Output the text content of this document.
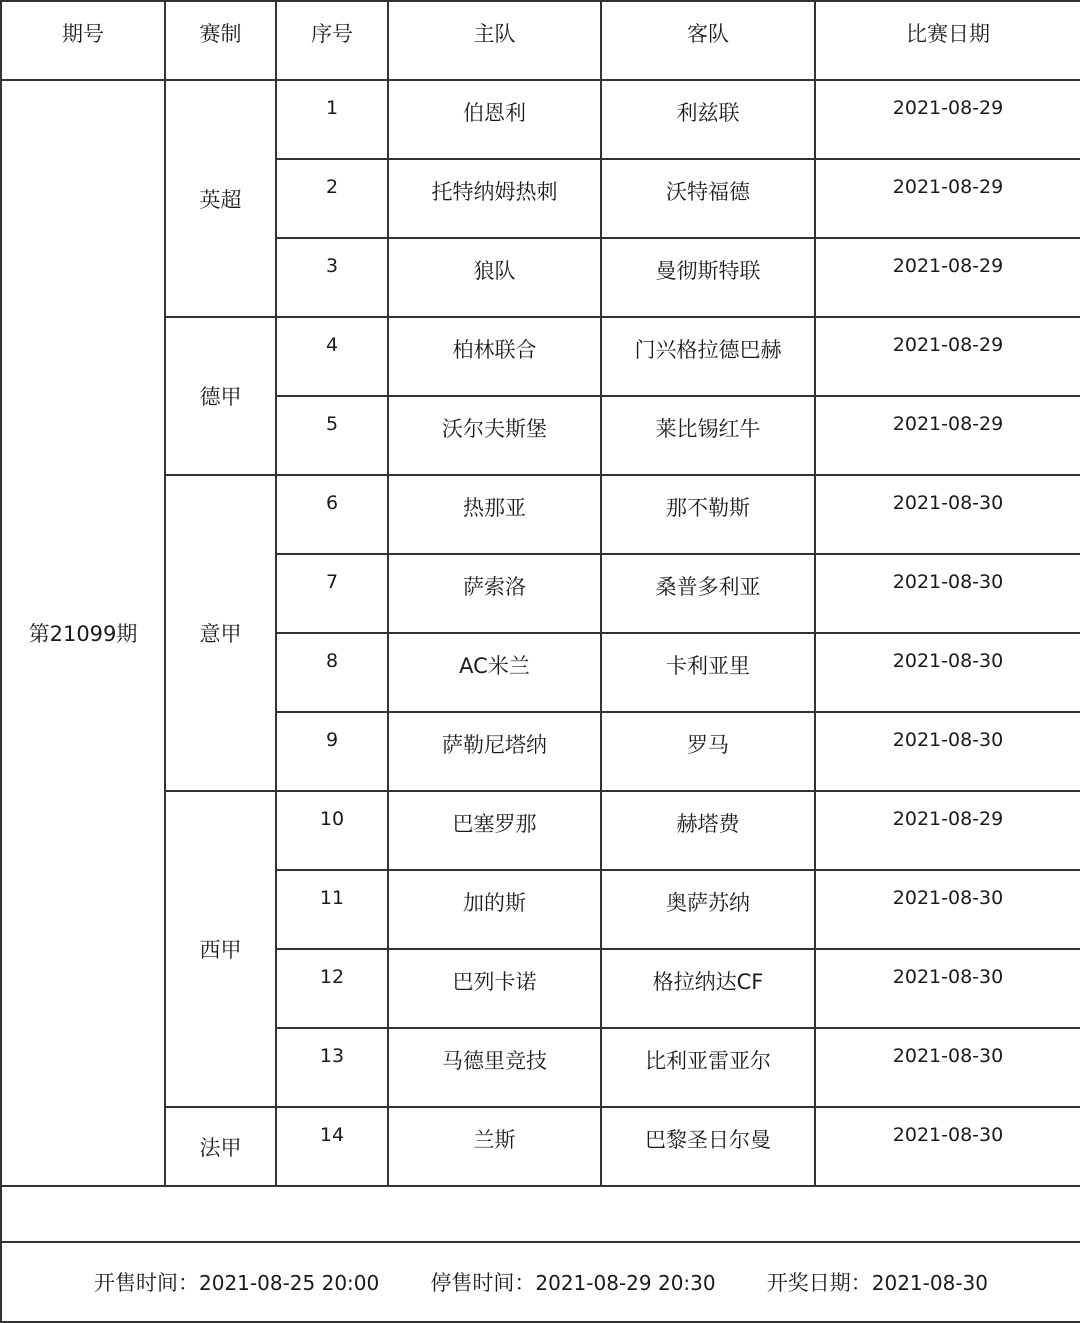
期号	赛制	序号	主队	客队	比赛日期
第21099期	英超	1	伯恩利	利兹联	2021-08-29
		2	托特纳姆热刺	沃特福德	2021-08-29
		3	狼队	曼彻斯特联	2021-08-29
	德甲	4	柏林联合	门兴格拉德巴赫	2021-08-29
		5	沃尔夫斯堡	莱比锡红牛	2021-08-29
	意甲	6	热那亚	那不勒斯	2021-08-30
		7	萨索洛	桑普多利亚	2021-08-30
		8	AC米兰	卡利亚里	2021-08-30
		9	萨勒尼塔纳	罗马	2021-08-30
	西甲	10	巴塞罗那	赫塔费	2021-08-29
		11	加的斯	奥萨苏纳	2021-08-30
		12	巴列卡诺	格拉纳达CF	2021-08-30
		13	马德里竞技	比利亚雷亚尔	2021-08-30
	法甲	14	兰斯	巴黎圣日尔曼	2021-08-30

开售时间：2021-08-25 20:00 停售时间：2021-08-29 20:30 开奖日期：2021-08-30					
